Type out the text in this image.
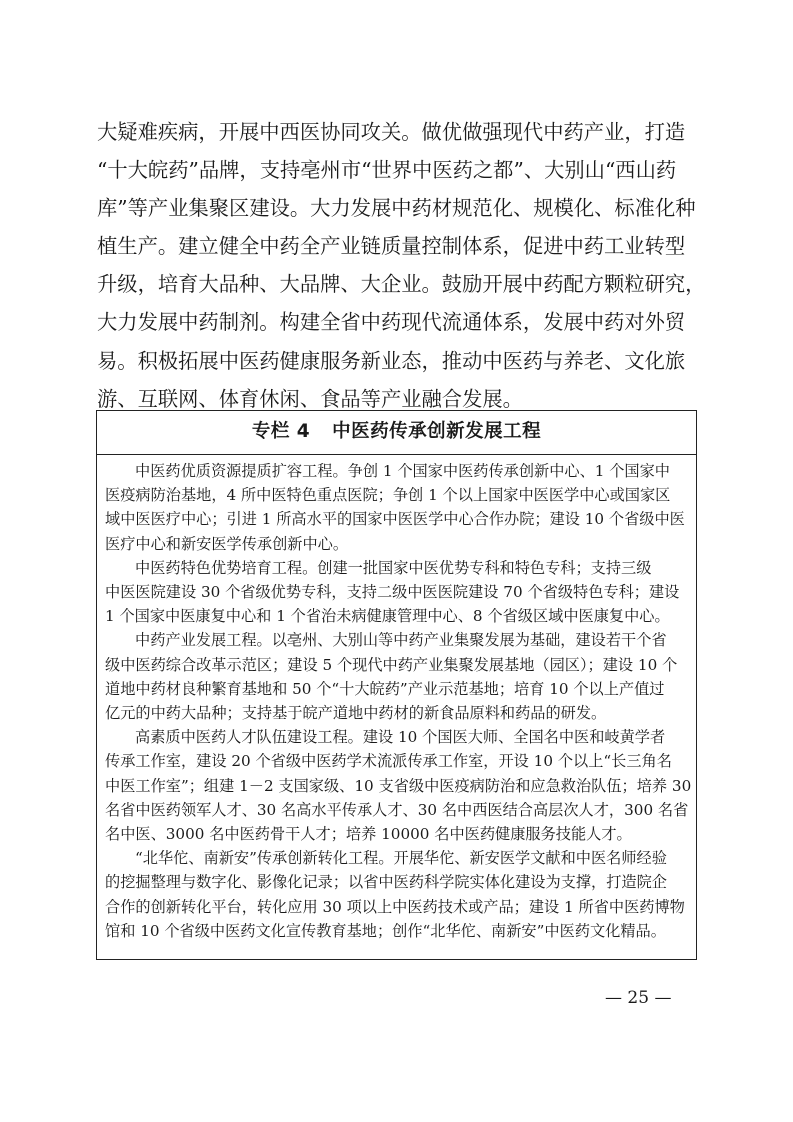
大疑难疾病，开展中西医协同攻关。做优做强现代中药产业，打造
“十大皖药”品牌，支持亳州市“世界中医药之都”、大别山“西山药
库”等产业集聚区建设。大力发展中药材规范化、规模化、标准化种
植生产。建立健全中药全产业链质量控制体系，促进中药工业转型
升级，培育大品种、大品牌、大企业。鼓励开展中药配方颗粒研究，
大力发展中药制剂。构建全省中药现代流通体系，发展中药对外贸
易。积极拓展中医药健康服务新业态，推动中医药与养老、文化旅
游、互联网、体育休闲、食品等产业融合发展。
专栏 4 中医药传承创新发展工程
中医药优质资源提质扩容工程。争创 1 个国家中医药传承创新中心、1 个国家中
医疫病防治基地，4 所中医特色重点医院；争创 1 个以上国家中医医学中心或国家区
域中医医疗中心；引进 1 所高水平的国家中医医学中心合作办院；建设 10 个省级中医
医疗中心和新安医学传承创新中心。
中医药特色优势培育工程。创建一批国家中医优势专科和特色专科；支持三级
中医医院建设 30 个省级优势专科，支持二级中医医院建设 70 个省级特色专科；建设
1 个国家中医康复中心和 1 个省治未病健康管理中心、8 个省级区域中医康复中心。
中药产业发展工程。以亳州、大别山等中药产业集聚发展为基础，建设若干个省
级中医药综合改革示范区；建设 5 个现代中药产业集聚发展基地（园区）；建设 10 个
道地中药材良种繁育基地和 50 个“十大皖药”产业示范基地；培育 10 个以上产值过
亿元的中药大品种；支持基于皖产道地中药材的新食品原料和药品的研发。
高素质中医药人才队伍建设工程。建设 10 个国医大师、全国名中医和岐黄学者
传承工作室，建设 20 个省级中医药学术流派传承工作室，开设 10 个以上“长三角名
中医工作室”；组建 1－2 支国家级、10 支省级中医疫病防治和应急救治队伍；培养 30
名省中医药领军人才、30 名高水平传承人才、30 名中西医结合高层次人才，300 名省
名中医、3000 名中医药骨干人才；培养 10000 名中医药健康服务技能人才。
“北华佗、南新安”传承创新转化工程。开展华佗、新安医学文献和中医名师经验
的挖掘整理与数字化、影像化记录；以省中医药科学院实体化建设为支撑，打造院企
合作的创新转化平台，转化应用 30 项以上中医药技术或产品；建设 1 所省中医药博物
馆和 10 个省级中医药文化宣传教育基地；创作“北华佗、南新安”中医药文化精品。
— 25 —
